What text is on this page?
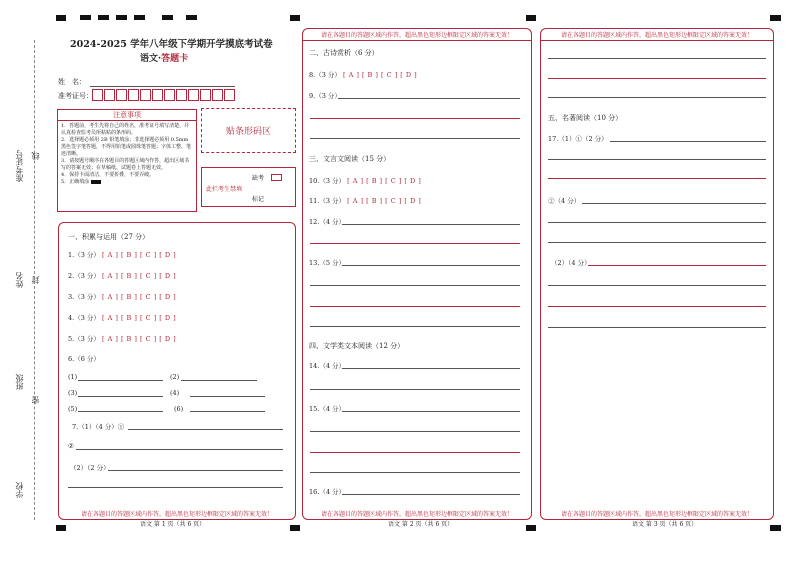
准考证号 线
姓名 封
班级
密
学校
2024-2025 学年八年级下学期开学摸底考试卷
语文·答题卡
姓　名：
准考证号：
注意事项
1．答题前，考生先将自己的姓名，准考证号填写清楚，并认真检查监考员所粘贴的条形码。
2．选择题必须用 2B 铅笔填涂；非选择题必须用 0.5mm 黑色签字笔答题，不得用铅笔或圆珠笔答题；字体工整、笔迹清晰。
3．请按题号顺序在各题目的答题区域内作答，超出区域书写的答案无效；在草稿纸、试题卷上答题无效。
4．保持卡面清洁，不要折叠，不要弄破。
5．正确填涂
贴条形码区
缺考
此栏考生禁填
标记
一、积累与运用（27 分）
1.（3 分） [ A ] [ B ] [ C ] [ D ]
2.（3 分） [ A ] [ B ] [ C ] [ D ]
3.（3 分） [ A ] [ B ] [ C ] [ D ]
4.（3 分） [ A ] [ B ] [ C ] [ D ]
5.（3 分） [ A ] [ B ] [ C ] [ D ]
6.（6 分）
(1)	(2)
(3)	(4)
(5)	(6)
7.（1）（4 分）①
②
（2）（2 分）
请在各题目的答题区域内作答，超出黑色矩形边框限定区域的答案无效！
语文 第 1 页（共 6 页）
请在各题目的答题区域内作答，超出黑色矩形边框限定区域的答案无效！
二、古诗赏析（6 分）
8.（3 分） [ A ] [ B ] [ C ] [ D ]
9.（3 分）
三、文言文阅读（15 分）
10.（3 分） [ A ] [ B ] [ C ] [ D ]
11.（3 分） [ A ] [ B ] [ C ] [ D ]
12.（4 分）
13.（5 分）
四、文学类文本阅读（12 分）
14.（4 分）
15.（4 分）
16.（4 分）
请在各题目的答题区域内作答，超出黑色矩形边框限定区域的答案无效！
语文 第 2 页（共 6 页）
请在各题目的答题区域内作答，超出黑色矩形边框限定区域的答案无效！
五、名著阅读（10 分）
17.（1）①（2 分）
②（4 分）
（2）（4 分）
请在各题目的答题区域内作答，超出黑色矩形边框限定区域的答案无效！
语文 第 3 页（共 6 页）
